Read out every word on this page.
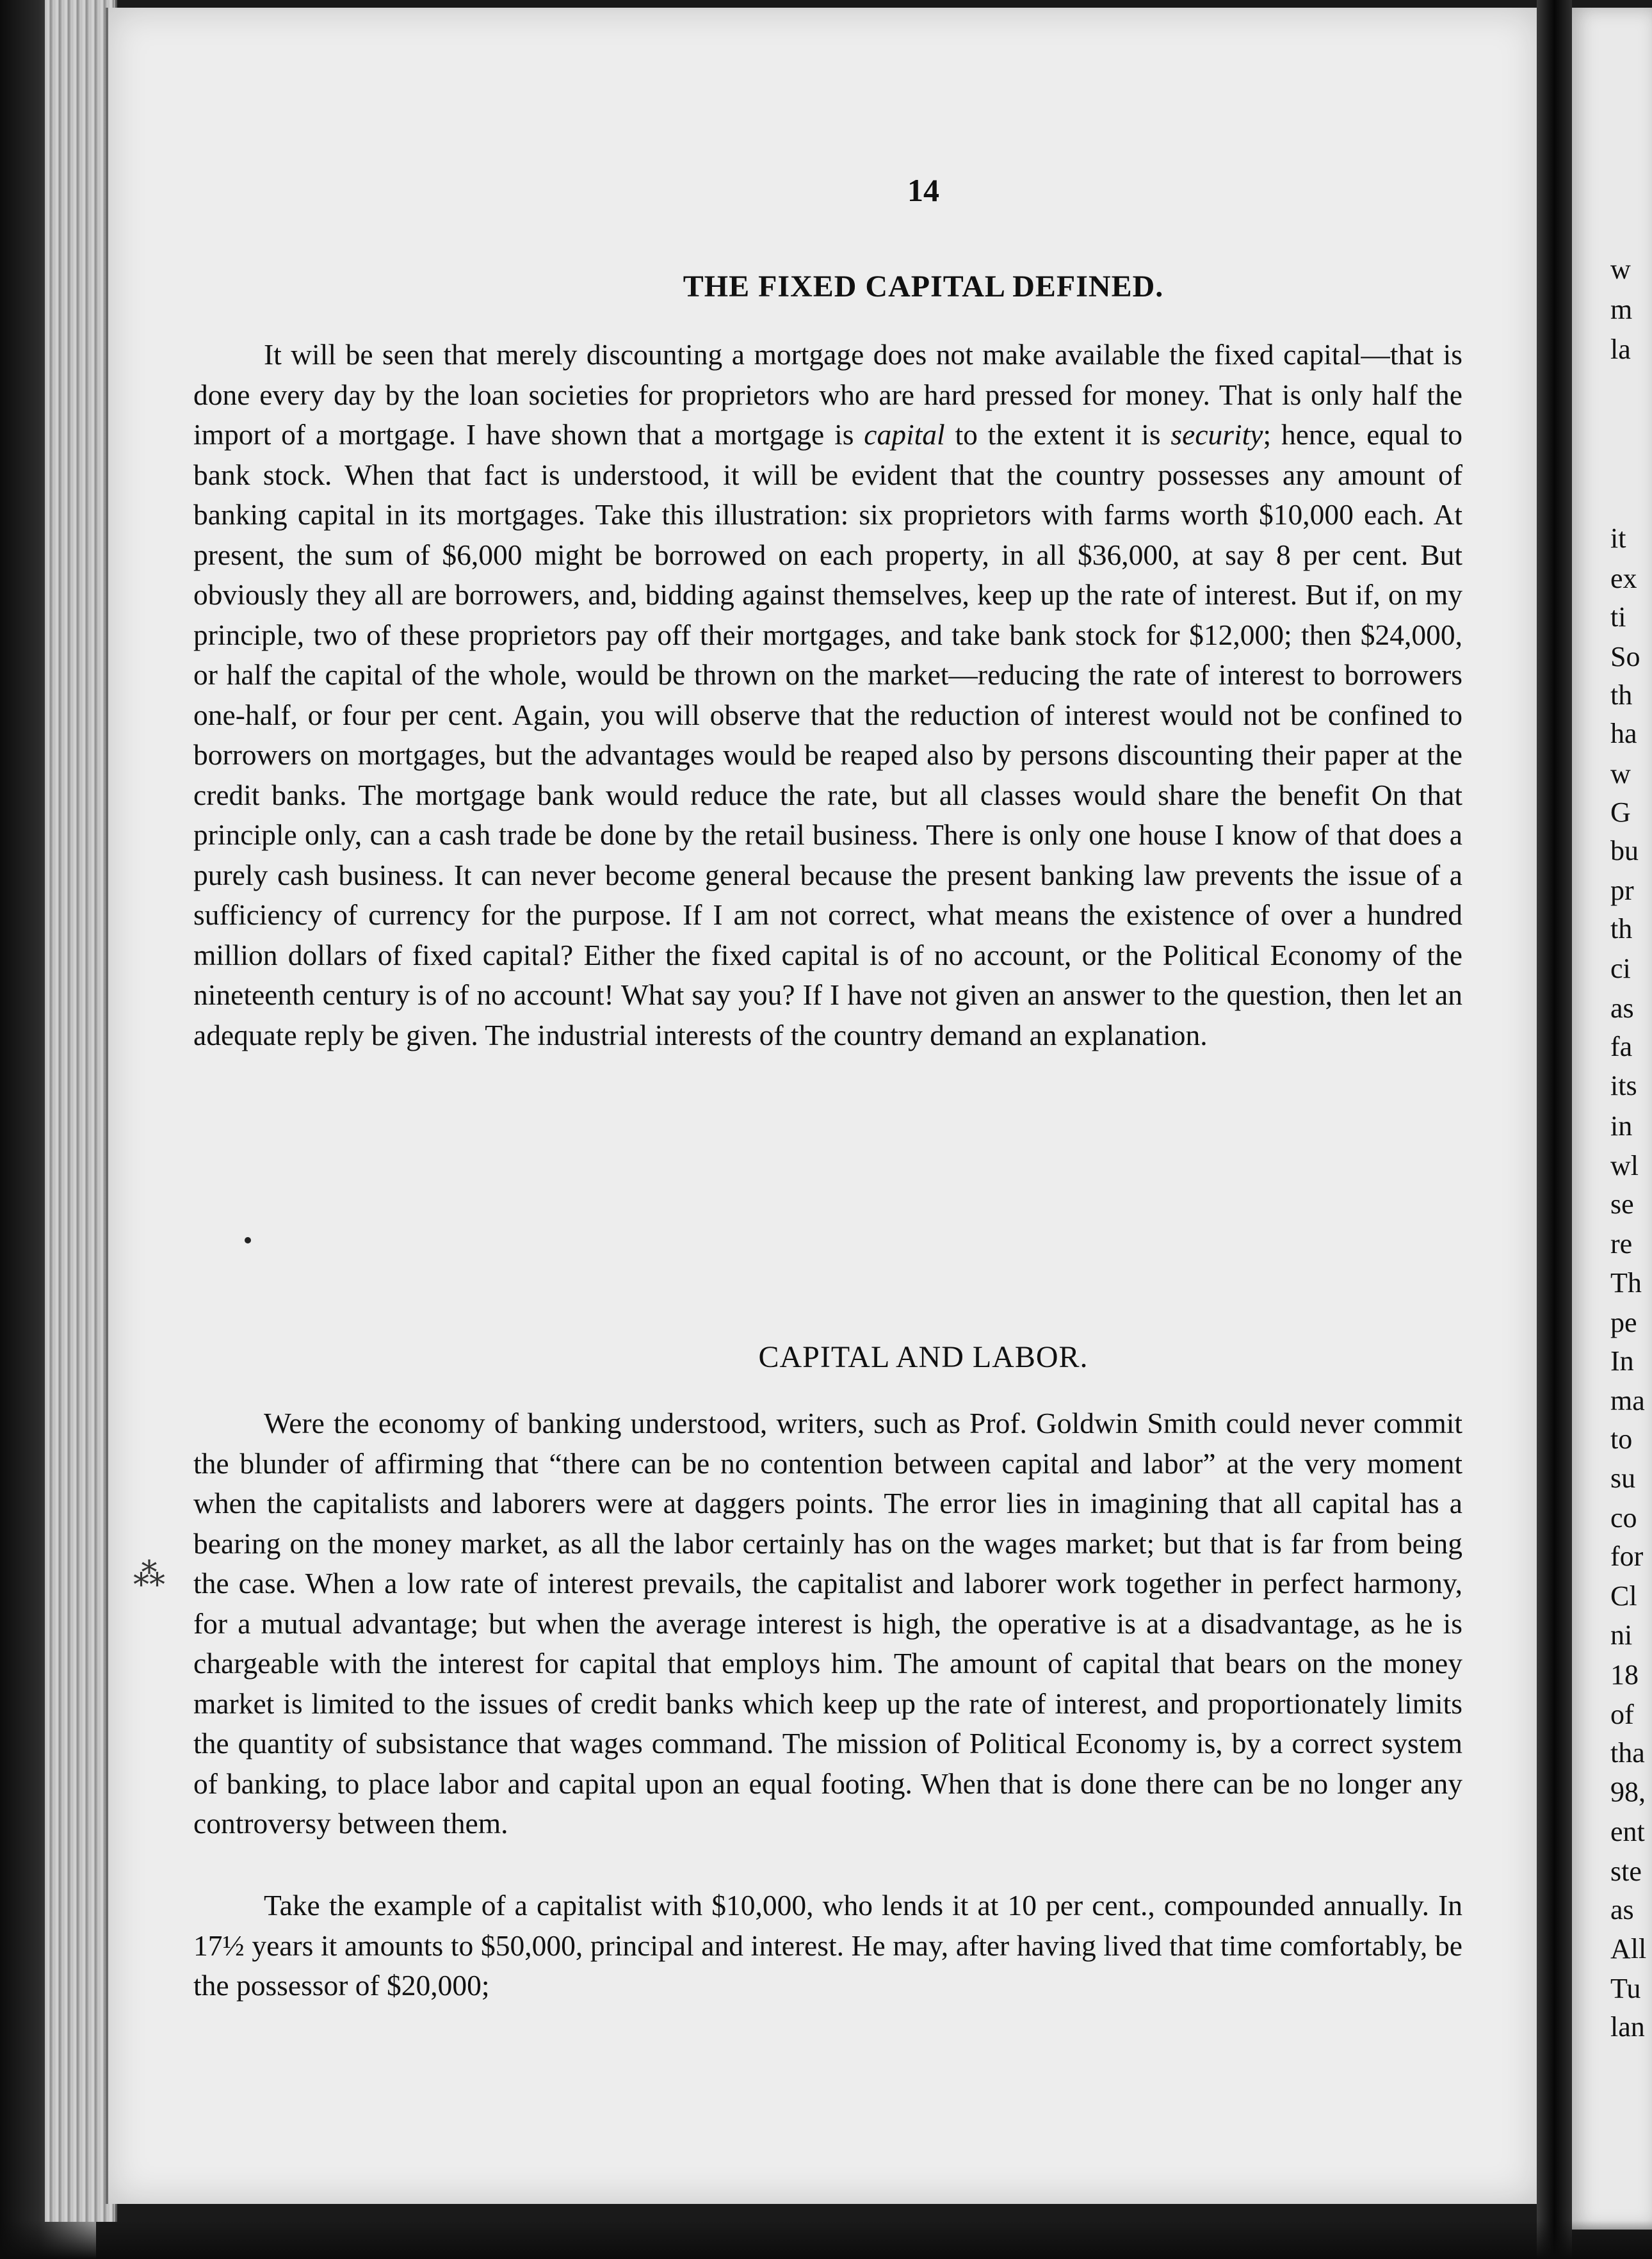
14
THE FIXED CAPITAL DEFINED.

It will be seen that merely discounting a mortgage does not make available the fixed capital—that is done every day by the loan societies for proprietors who are hard pressed for money. That is only half the import of a mortgage. I have shown that a mortgage is capital to the extent it is security; hence, equal to bank stock. When that fact is understood, it will be evident that the country possesses any amount of banking capital in its mortgages. Take this illustration: six proprietors with farms worth $10,000 each. At present, the sum of $6,000 might be borrowed on each property, in all $36,000, at say 8 per cent. But obviously they all are borrowers, and, bidding against themselves, keep up the rate of interest. But if, on my principle, two of these proprietors pay off their mortgages, and take bank stock for $12,000; then $24,000, or half the capital of the whole, would be thrown on the market—reducing the rate of interest to borrowers one-half, or four per cent. Again, you will observe that the reduction of interest would not be confined to borrowers on mortgages, but the advantages would be reaped also by persons discounting their paper at the credit banks. The mortgage bank would reduce the rate, but all classes would share the benefit On that principle only, can a cash trade be done by the retail business. There is only one house I know of that does a purely cash business. It can never become general because the present banking law prevents the issue of a sufficiency of currency for the purpose. If I am not correct, what means the existence of over a hundred million dollars of fixed capital? Either the fixed capital is of no account, or the Political Economy of the nineteenth century is of no account! What say you? If I have not given an answer to the question, then let an adequate reply be given. The industrial interests of the country demand an explanation.

CAPITAL AND LABOR.

Were the economy of banking understood, writers, such as Prof. Goldwin Smith could never commit the blunder of affirming that “there can be no contention between capital and labor” at the very moment when the capitalists and laborers were at daggers points. The error lies in imagining that all capital has a bearing on the money market, as all the labor certainly has on the wages market; but that is far from being the case. When a low rate of interest prevails, the capitalist and laborer work together in perfect harmony, for a mutual advantage; but when the average interest is high, the operative is at a disadvantage, as he is chargeable with the interest for capital that employs him. The amount of capital that bears on the money market is limited to the issues of credit banks which keep up the rate of interest, and proportionately limits the quantity of subsistance that wages command. The mission of Political Economy is, by a correct system of banking, to place labor and capital upon an equal footing. When that is done there can be no longer any controversy between them.

Take the example of a capitalist with $10,000, who lends it at 10 per cent., compounded annually. In 17½ years it amounts to $50,000, principal and interest. He may, after having lived that time comfortably, be the possessor of $20,000;

⁂
w
m
la
it
ex
ti
So
th
ha
w
G
bu
pr
th
ci
as
fa
its
in
wl
se
re
Th
pe
In
ma
to
su
co
for
Cl
ni
18
of
tha
98,
ent
ste
as
All
Tu
lan
